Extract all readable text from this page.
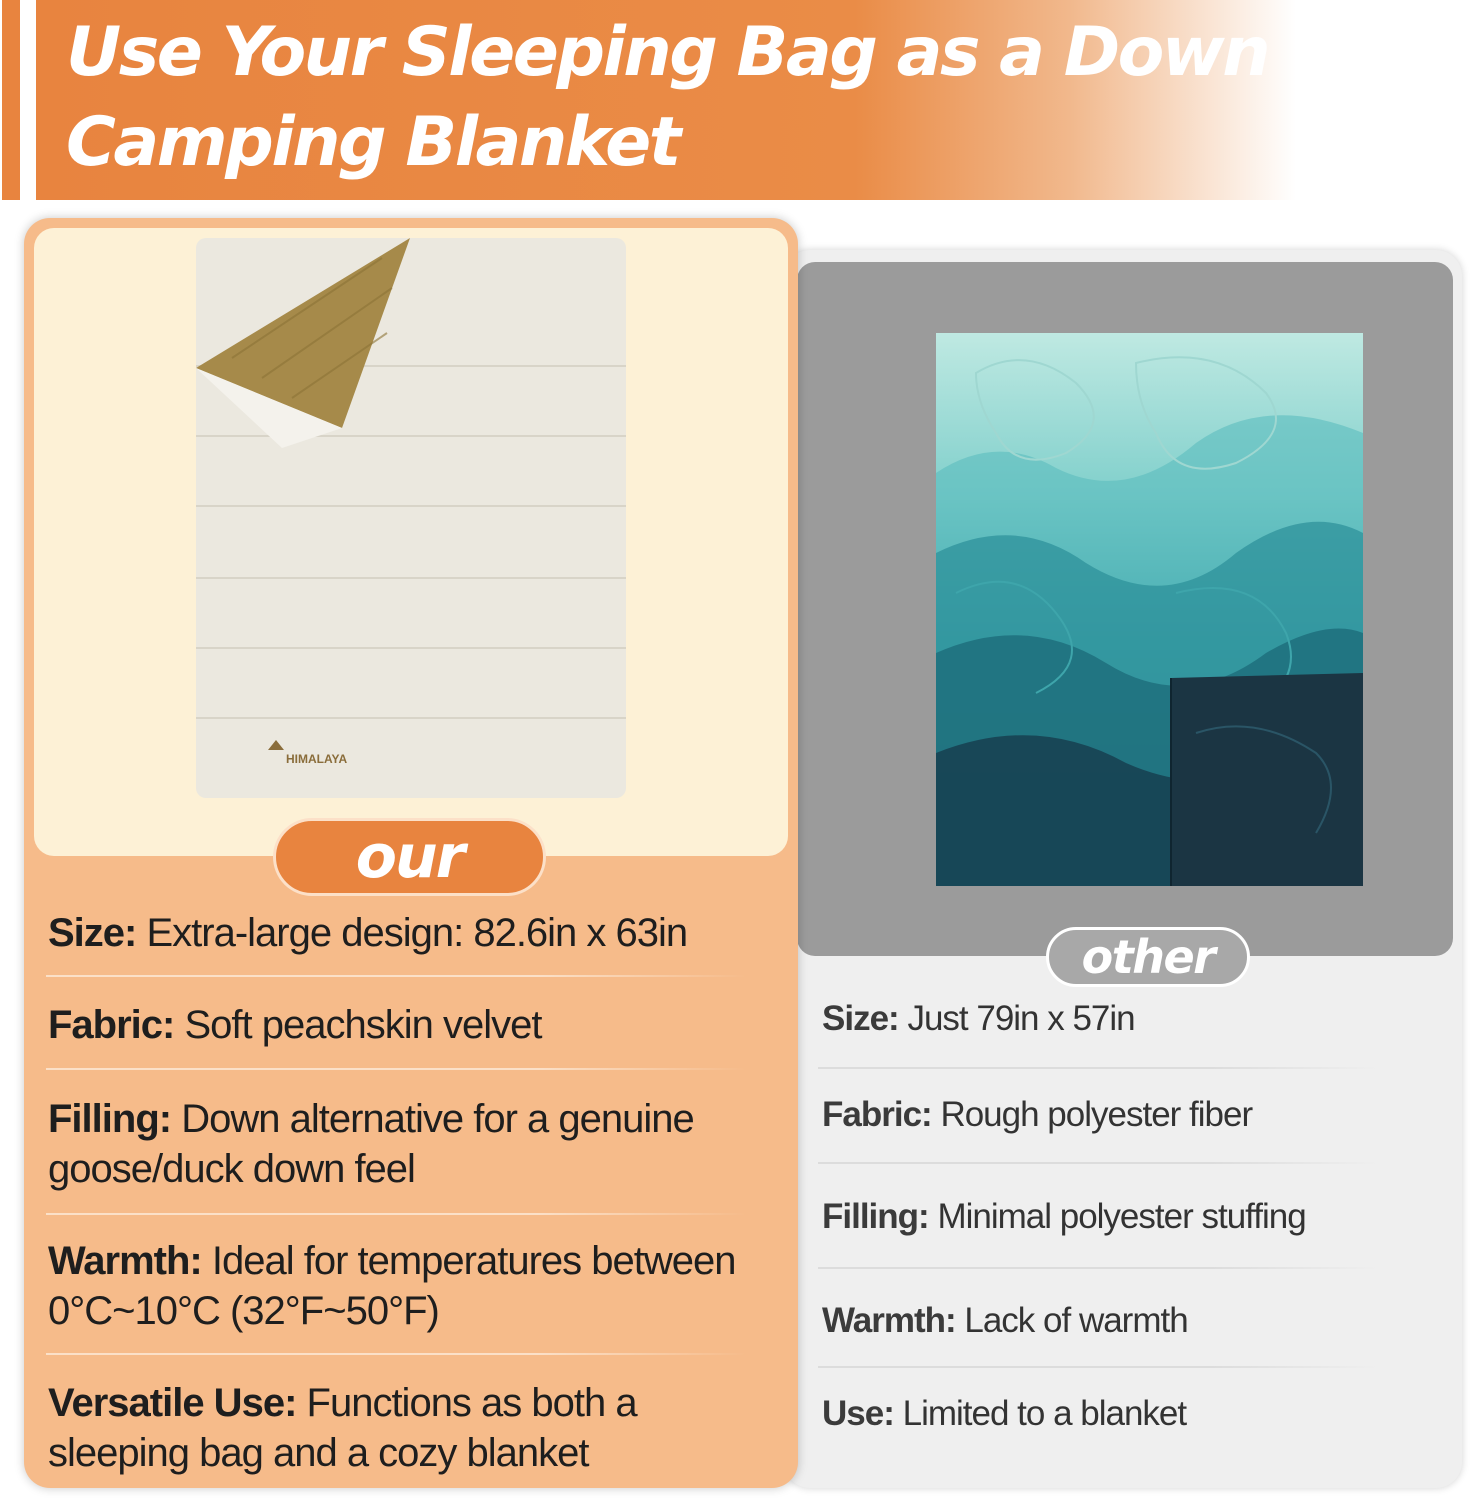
Use Your Sleeping Bag as a Down
Camping Blanket
other
HIMALAYA
our
Size: Extra-large design: 82.6in x 63in
Fabric: Soft peachskin velvet
Filling: Down alternative for a genuine goose/duck down feel
Warmth: Ideal for temperatures between 0°C~10°C (32°F~50°F)
Versatile Use: Functions as both a sleeping bag and a cozy blanket
Size: Just 79in x 57in
Fabric: Rough polyester fiber
Filling: Minimal polyester stuffing
Warmth: Lack of warmth
Use: Limited to a blanket
